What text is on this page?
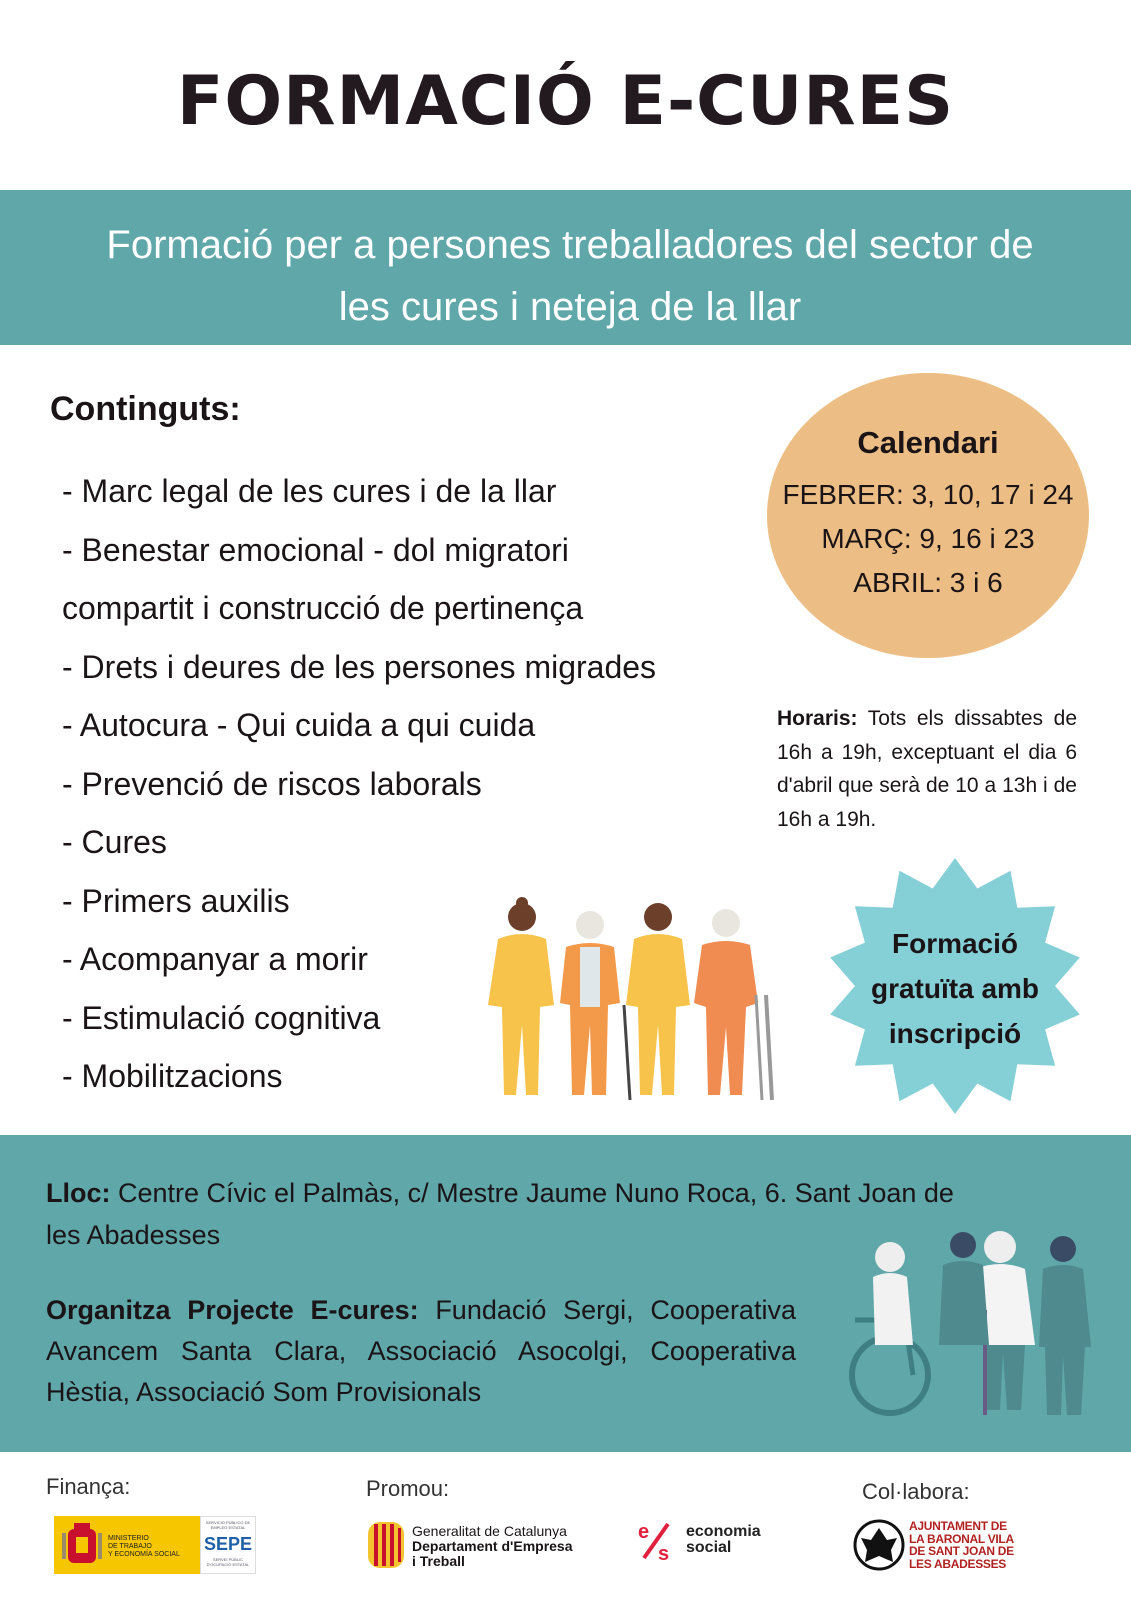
FORMACIÓ E-CURES
Formació per a persones treballadores del sector de
les cures i neteja de la llar
Continguts:
- Marc legal de les cures i de la llar
- Benestar emocional - dol migratori
compartit i construcció de pertinença
- Drets i deures de les persones migrades
- Autocura - Qui cuida a qui cuida
- Prevenció de riscos laborals
- Cures
- Primers auxilis
- Acompanyar a morir
- Estimulació cognitiva
- Mobilitzacions
Calendari
FEBRER: 3, 10, 17 i 24
MARÇ: 9, 16 i 23
ABRIL: 3 i 6
Horaris: Tots els dissabtes de 16h a 19h, exceptuant el dia 6 d'abril que serà de 10 a 13h i de 16h a 19h.
Formació
gratuïta amb
inscripció
Lloc: Centre Cívic el Palmàs, c/ Mestre Jaume Nuno Roca, 6. Sant Joan de les Abadesses
Organitza Projecte E-cures: Fundació Sergi, Cooperativa Avancem Santa Clara, Associació Asocolgi, Cooperativa Hèstia, Associació Som Provisionals
Finança:	Promou:	Col·labora:
MINISTERIO
DE TRABAJO
Y ECONOMÍA SOCIAL
SERVICIO PÚBLICO DE EMPLEO ESTATAL
SEPE
SERVEI PÚBLIC D'OCUPACIÓ ESTATAL
Generalitat de Catalunya
Departament d'Empresa
i Treball
e
s
economia
social
AJUNTAMENT DE
LA BARONAL VILA
DE SANT JOAN DE
LES ABADESSES
